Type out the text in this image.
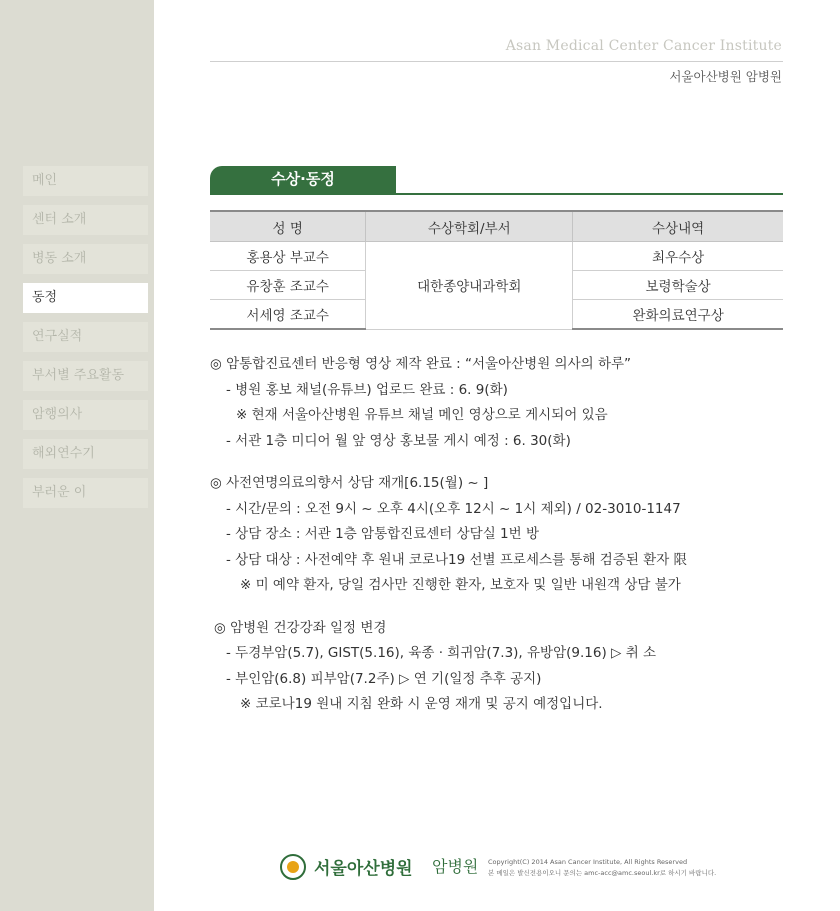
메인
센터 소개
병동 소개
동정
연구실적
부서별 주요활동
암행의사
해외연수기
부러운 이
Asan Medical Center Cancer Institute
서울아산병원 암병원
수상·동정
성 명	수상학회/부서	수상내역
홍용상 부교수	대한종양내과학회	최우수상
유창훈 조교수		보령학술상
서세영 조교수		완화의료연구상
◎ 암통합진료센터 반응형 영상 제작 완료 : “서울아산병원 의사의 하루”
- 병원 홍보 채널(유튜브) 업로드 완료 : 6. 9(화)
※ 현재 서울아산병원 유튜브 채널 메인 영상으로 게시되어 있음
- 서관 1층 미디어 월 앞 영상 홍보물 게시 예정 : 6. 30(화)
◎ 사전연명의료의향서 상담 재개[6.15(월) ~ ]
- 시간/문의 : 오전 9시 ~ 오후 4시(오후 12시 ~ 1시 제외) / 02-3010-1147
- 상담 장소 : 서관 1층 암통합진료센터 상담실 1번 방
- 상담 대상 : 사전예약 후 원내 코로나19 선별 프로세스를 통해 검증된 환자 限
※ 미 예약 환자, 당일 검사만 진행한 환자, 보호자 및 일반 내원객 상담 불가
◎ 암병원 건강강좌 일정 변경
- 두경부암(5.7), GIST(5.16), 육종 · 희귀암(7.3), 유방암(9.16) ▷ 취 소
- 부인암(6.8) 피부암(7.2주) ▷ 연 기(일정 추후 공지)
※ 코로나19 원내 지침 완화 시 운영 재개 및 공지 예정입니다.
서울아산병원 암병원 Copyright(C) 2014 Asan Cancer Institute, All Rights Reserved
본 메일은 발신전용이오니 문의는 amc-acc@amc.seoul.kr로 하시기 바랍니다.
